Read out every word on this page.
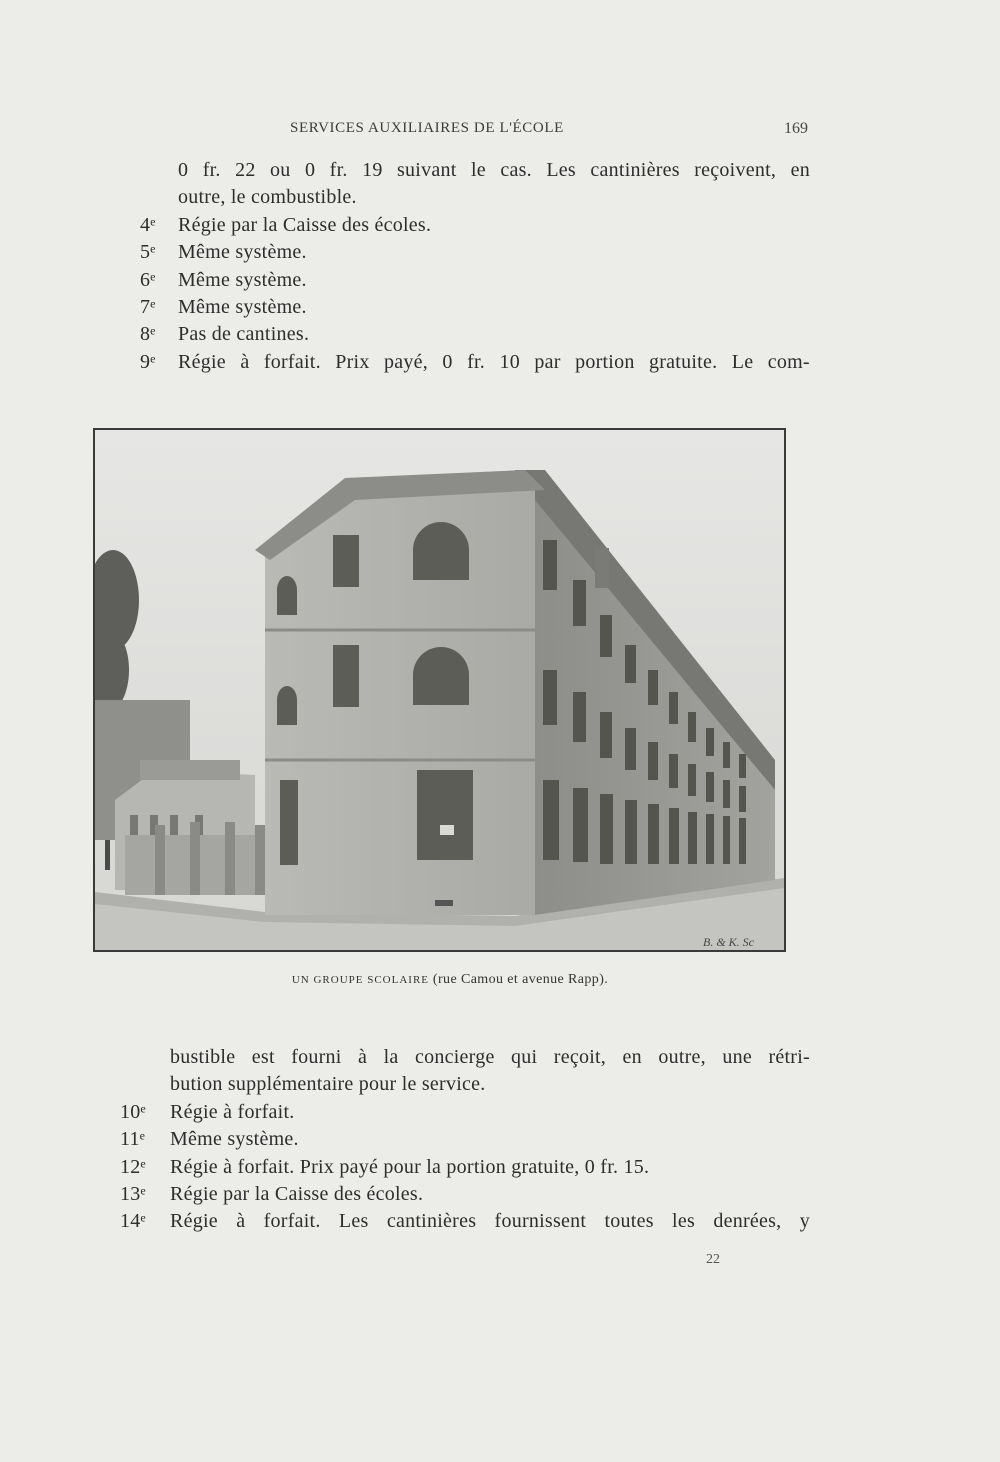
SERVICES AUXILIAIRES DE L'ÉCOLE	169
0 fr. 22 ou 0 fr. 19 suivant le cas. Les cantinières reçoivent, en
outre, le combustible.
4ᵉ	Régie par la Caisse des écoles.
5ᵉ	Même système.
6ᵉ	Même système.
7ᵉ	Même système.
8ᵉ	Pas de cantines.
9ᵉ	Régie à forfait. Prix payé, 0 fr. 10 par portion gratuite. Le com-
B. & K. Sc
UN GROUPE SCOLAIRE (rue Camou et avenue Rapp).
bustible est fourni à la concierge qui reçoit, en outre, une rétri-
bution supplémentaire pour le service.
10ᵉ	Régie à forfait.
11ᵉ	Même système.
12ᵉ	Régie à forfait. Prix payé pour la portion gratuite, 0 fr. 15.
13ᵉ	Régie par la Caisse des écoles.
14ᵉ	Régie à forfait. Les cantinières fournissent toutes les denrées, y
22
